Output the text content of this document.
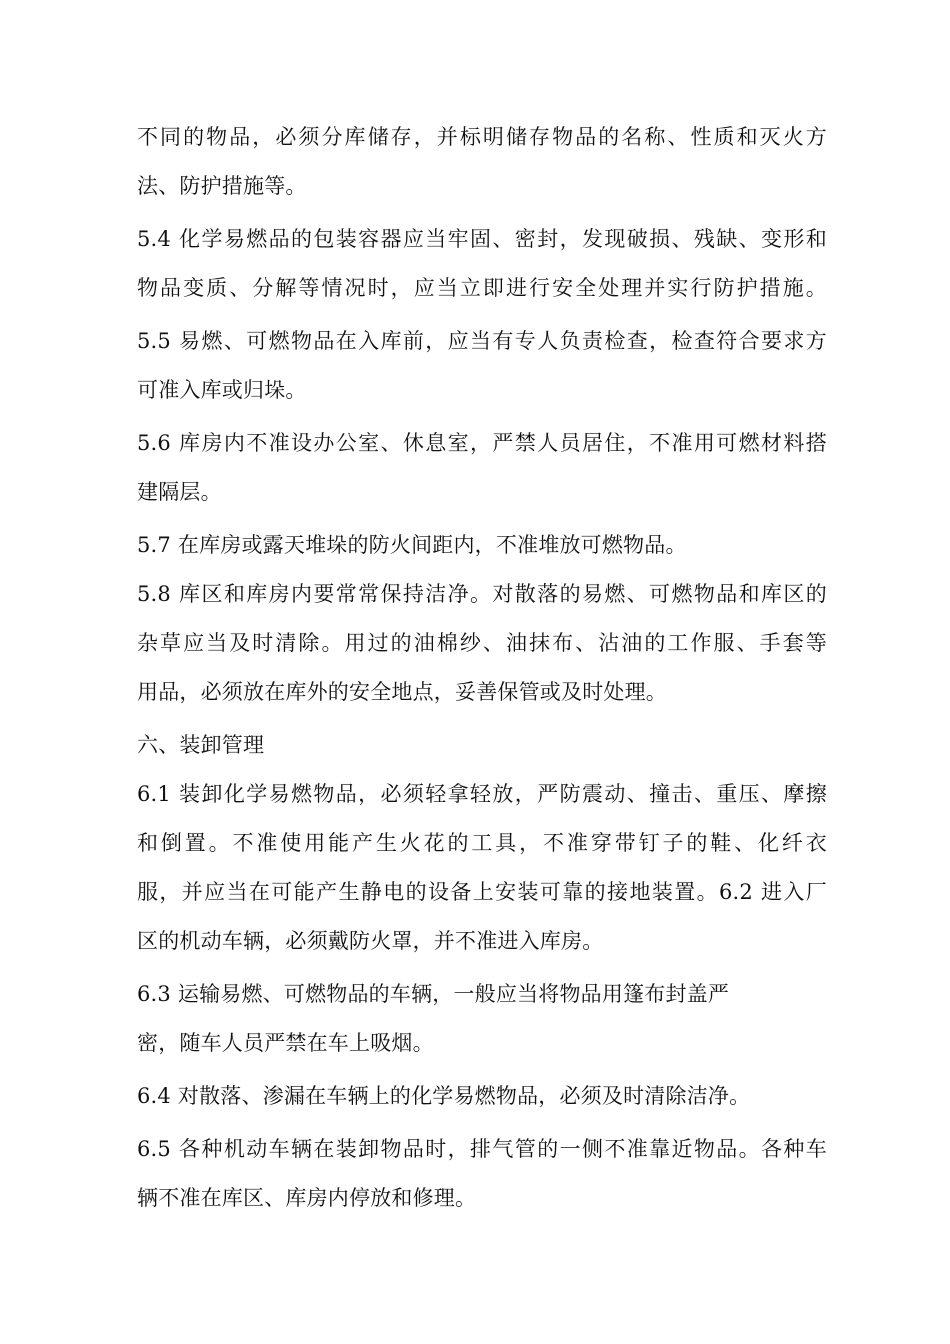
不同的物品，必须分库储存，并标明储存物品的名称、性质和灭火方
法、防护措施等。
5.4 化学易燃品的包装容器应当牢固、密封，发现破损、残缺、变形和
物品变质、分解等情况时，应当立即进行安全处理并实行防护措施。
5.5 易燃、可燃物品在入库前，应当有专人负责检查，检查符合要求方
可准入库或归垛。
5.6 库房内不准设办公室、休息室，严禁人员居住，不准用可燃材料搭
建隔层。
5.7 在库房或露天堆垛的防火间距内，不准堆放可燃物品。
5.8 库区和库房内要常常保持洁净。对散落的易燃、可燃物品和库区的
杂草应当及时清除。用过的油棉纱、油抹布、沾油的工作服、手套等
用品，必须放在库外的安全地点，妥善保管或及时处理。
六、装卸管理
6.1 装卸化学易燃物品，必须轻拿轻放，严防震动、撞击、重压、摩擦
和倒置。不准使用能产生火花的工具，不准穿带钉子的鞋、化纤衣
服，并应当在可能产生静电的设备上安装可靠的接地装置。6.2 进入厂
区的机动车辆，必须戴防火罩，并不准进入库房。
6.3 运输易燃、可燃物品的车辆，一般应当将物品用篷布封盖严
密，随车人员严禁在车上吸烟。
6.4 对散落、渗漏在车辆上的化学易燃物品，必须及时清除洁净。
6.5 各种机动车辆在装卸物品时，排气管的一侧不准靠近物品。各种车
辆不准在库区、库房内停放和修理。
